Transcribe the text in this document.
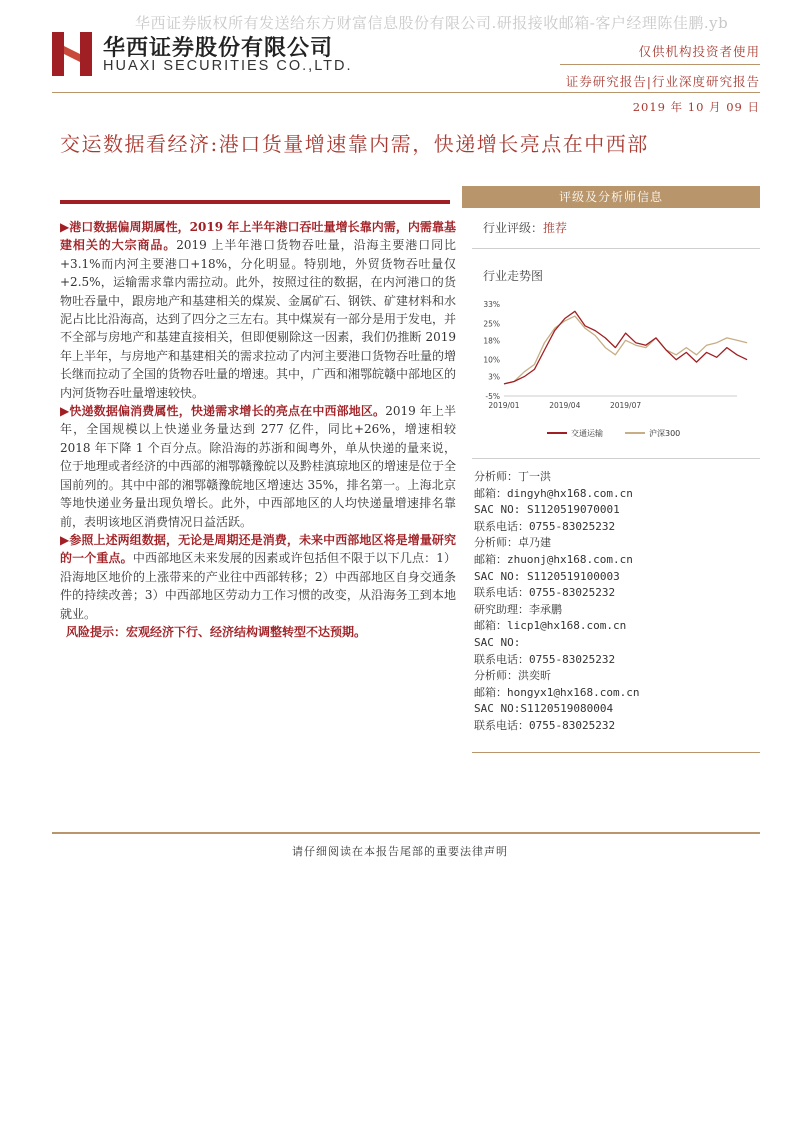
华西证券版权所有发送给东方财富信息股份有限公司.研报接收邮箱-客户经理陈佳鹏.yb
华西证券股份有限公司
HUAXI SECURITIES CO.,LTD.
仅供机构投资者使用
证券研究报告|行业深度研究报告
2019 年 10 月 09 日
交运数据看经济:港口货量增速靠内需，快递增长亮点在中西部

▶港口数据偏周期属性，2019 年上半年港口吞吐量增长靠内需，内需靠基建相关的大宗商品。2019 上半年港口货物吞吐量，沿海主要港口同比+3.1%而内河主要港口+18%，分化明显。特别地，外贸货物吞吐量仅+2.5%，运输需求靠内需拉动。此外，按照过往的数据，在内河港口的货物吐吞量中，跟房地产和基建相关的煤炭、金属矿石、钢铁、矿建材料和水泥占比比沿海高，达到了四分之三左右。其中煤炭有一部分是用于发电，并不全部与房地产和基建直接相关，但即便剔除这一因素，我们仍推断 2019 年上半年，与房地产和基建相关的需求拉动了内河主要港口货物吞吐量的增长继而拉动了全国的货物吞吐量的增速。其中，广西和湘鄂皖赣中部地区的内河货物吞吐量增速较快。

▶快递数据偏消费属性，快递需求增长的亮点在中西部地区。2019 年上半年，全国规模以上快递业务量达到 277 亿件，同比+26%，增速相较 2018 年下降 1 个百分点。除沿海的苏浙和闽粤外，单从快递的量来说，位于地理或者经济的中西部的湘鄂赣豫皖以及黔桂滇琼地区的增速是位于全国前列的。其中中部的湘鄂赣豫皖地区增速达 35%，排名第一。上海北京等地快递业务量出现负增长。此外，中西部地区的人均快递量增速排名靠前，表明该地区消费情况日益活跃。

▶参照上述两组数据，无论是周期还是消费，未来中西部地区将是增量研究的一个重点。中西部地区未来发展的因素或许包括但不限于以下几点：1）沿海地区地价的上涨带来的产业往中西部转移；2）中西部地区自身交通条件的持续改善；3）中西部地区劳动力工作习惯的改变，从沿海务工到本地就业。

风险提示：宏观经济下行、经济结构调整转型不达预期。

评级及分析师信息
行业评级：推荐
行业走势图
-5%
3%
10%
18%
25%
33%
2019/01	2019/04	2019/07
交通运输	沪深300
分析师：丁一洪
邮箱：dingyh@hx168.com.cn
SAC NO: S1120519070001
联系电话：0755-83025232
分析师：卓乃建
邮箱：zhuonj@hx168.com.cn
SAC NO: S1120519100003
联系电话：0755-83025232
研究助理：李承鹏
邮箱：licp1@hx168.com.cn
SAC NO:
联系电话：0755-83025232
分析师：洪奕昕
邮箱：hongyx1@hx168.com.cn
SAC NO:S1120519080004
联系电话：0755-83025232
请仔细阅读在本报告尾部的重要法律声明
